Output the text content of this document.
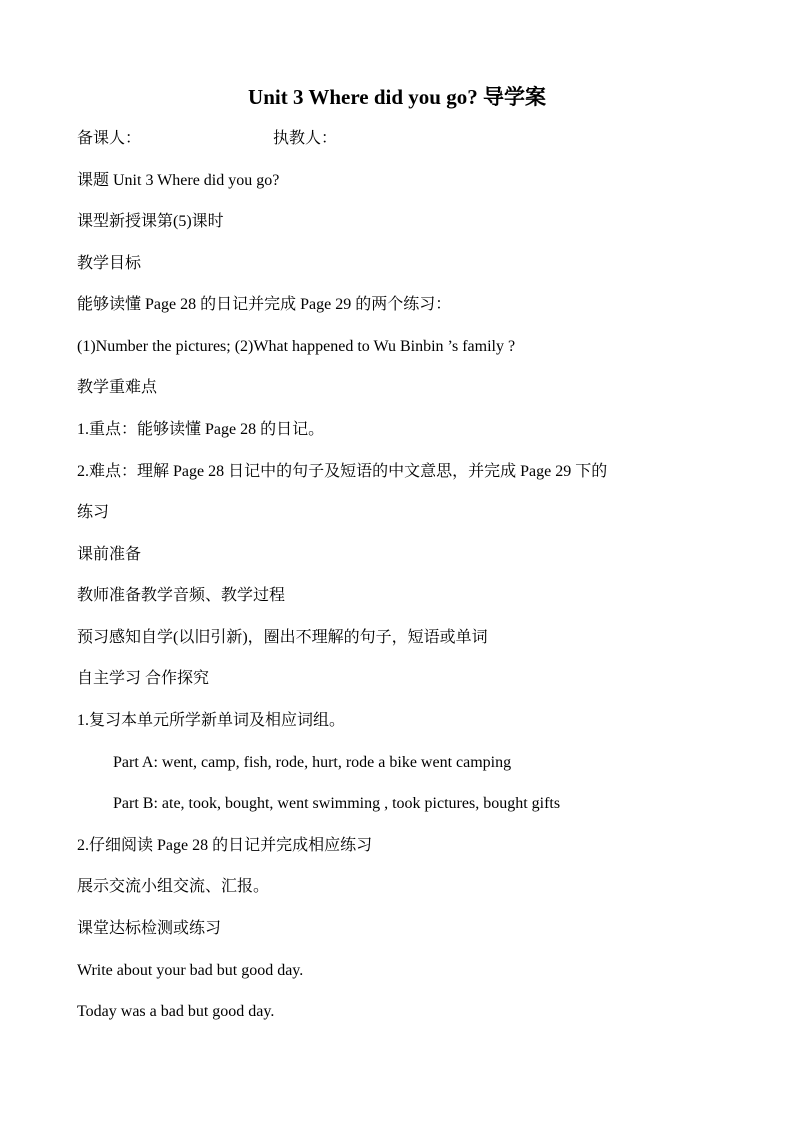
Unit 3 Where did you go? 导学案
备课人：	执教人：
课题 Unit 3 Where did you go?
课型新授课第(5)课时
教学目标
能够读懂 Page 28 的日记并完成 Page 29 的两个练习：
(1)Number the pictures; (2)What happened to Wu Binbin ’s family ?
教学重难点
1.重点：能够读懂 Page 28 的日记。
2.难点：理解 Page 28 日记中的句子及短语的中文意思，并完成 Page 29 下的
练习
课前准备
教师准备教学音频、教学过程
预习感知自学(以旧引新)，圈出不理解的句子，短语或单词
自主学习 合作探究
1.复习本单元所学新单词及相应词组。
Part A: went, camp, fish, rode, hurt, rode a bike went camping
Part B: ate, took, bought, went swimming , took pictures, bought gifts
2.仔细阅读 Page 28 的日记并完成相应练习
展示交流小组交流、汇报。
课堂达标检测或练习
Write about your bad but good day.
Today was a bad but good day.
